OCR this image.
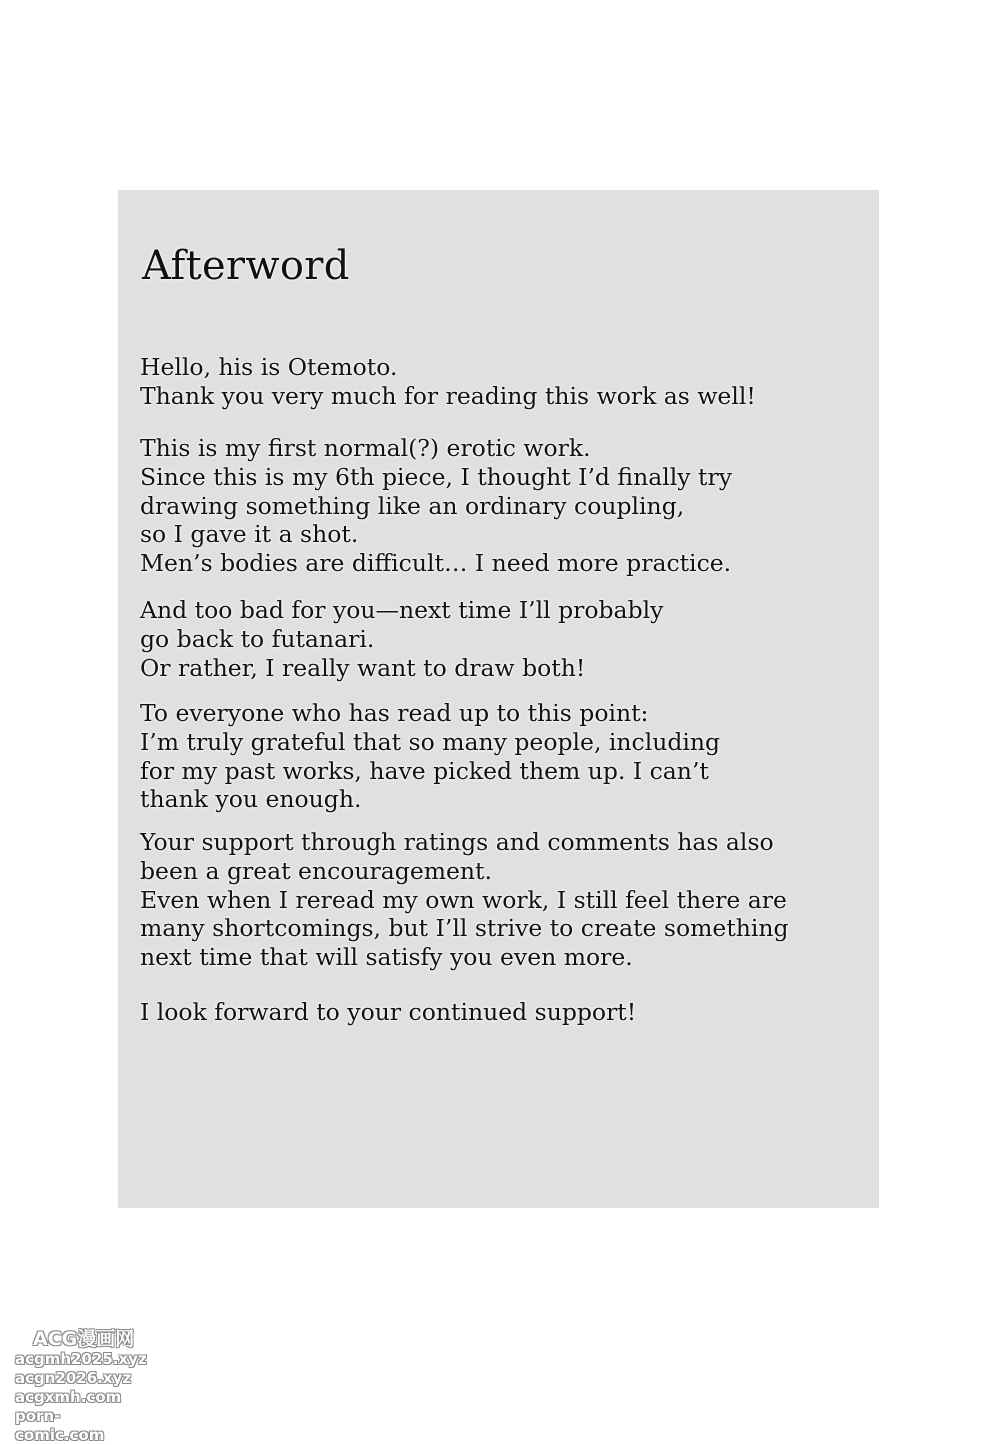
Afterword
Hello, his is Otemoto.
Thank you very much for reading this work as well!
This is my first normal(?) erotic work.
Since this is my 6th piece, I thought I’d finally try
drawing something like an ordinary coupling,
so I gave it a shot.
Men’s bodies are difficult… I need more practice.
And too bad for you—next time I’ll probably
go back to futanari.
Or rather, I really want to draw both!
To everyone who has read up to this point:
I’m truly grateful that so many people, including
for my past works, have picked them up. I can’t
thank you enough.
Your support through ratings and comments has also
been a great encouragement.
Even when I reread my own work, I still feel there are
many shortcomings, but I’ll strive to create something
next time that will satisfy you even more.
I look forward to your continued support!
ACG漫画网
acgmh2025.xyz
acgn2026.xyz
acgxmh.com
porn-comic.com
